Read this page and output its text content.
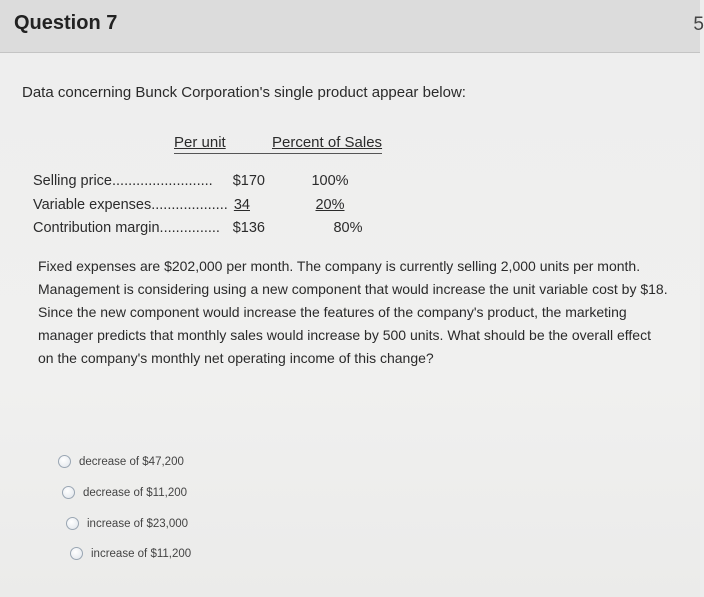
Question 7	5
Data concerning Bunck Corporation's single product appear below:
Per unit	Percent of Sales
Selling price.........................	$170	100%
Variable expenses................... 34	20%
Contribution margin............... $136	80%
Fixed expenses are $202,000 per month. The company is currently selling 2,000 units per month.
Management is considering using a new component that would increase the unit variable cost by $18.
Since the new component would increase the features of the company's product, the marketing
manager predicts that monthly sales would increase by 500 units. What should be the overall effect
on the company's monthly net operating income of this change?
decrease of $47,200
decrease of $11,200
increase of $23,000
increase of $11,200
